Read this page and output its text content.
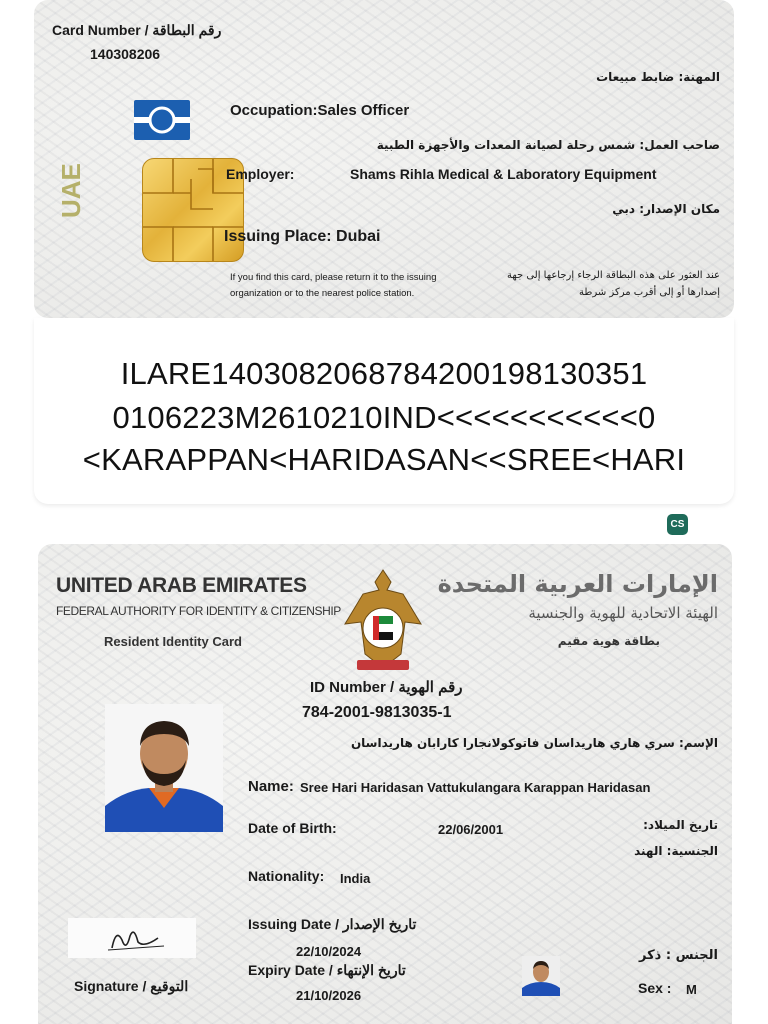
Card Number / رقم البطاقة
140308206
المهنة: ضابط مبيعات
Occupation:Sales Officer
صاحب العمل: شمس رحلة لصيانة المعدات والأجهزة الطبية
UAE	Employer:	Shams Rihla Medical & Laboratory Equipment
مكان الإصدار: دبي
Issuing Place: Dubai
If you find this card, please return it to the issuing
organization or to the nearest police station.
عند العثور على هذه البطاقة الرجاء إرجاعها إلى جهة
إصدارها أو إلى أقرب مركز شرطة
ILARE1403082068784200198130351
0106223M2610210IND<<<<<<<<<<<0
<KARAPPAN<HARIDASAN<<SREE<HARI
CS
UNITED ARAB EMIRATES
FEDERAL AUTHORITY FOR IDENTITY & CITIZENSHIP
Resident Identity Card
الإمارات العربية المتحدة
الهيئة الاتحادية للهوية والجنسية
بطاقة هوية مقيم
ID Number / رقم الهوية
784-2001-9813035-1
الإسم: سري هاري هاريداسان فاتوكولانجارا كارابان هاريداسان
Name: Sree Hari Haridasan Vattukulangara Karappan Haridasan
Date of Birth:	22/06/2001	تاريخ الميلاد:
الجنسية: الهند
Nationality: India
Issuing Date / تاريخ الإصدار
22/10/2024
Signature / التوقيع
Expiry Date / تاريخ الإنتهاء
21/10/2026
الجنس : ذكر
Sex : M
